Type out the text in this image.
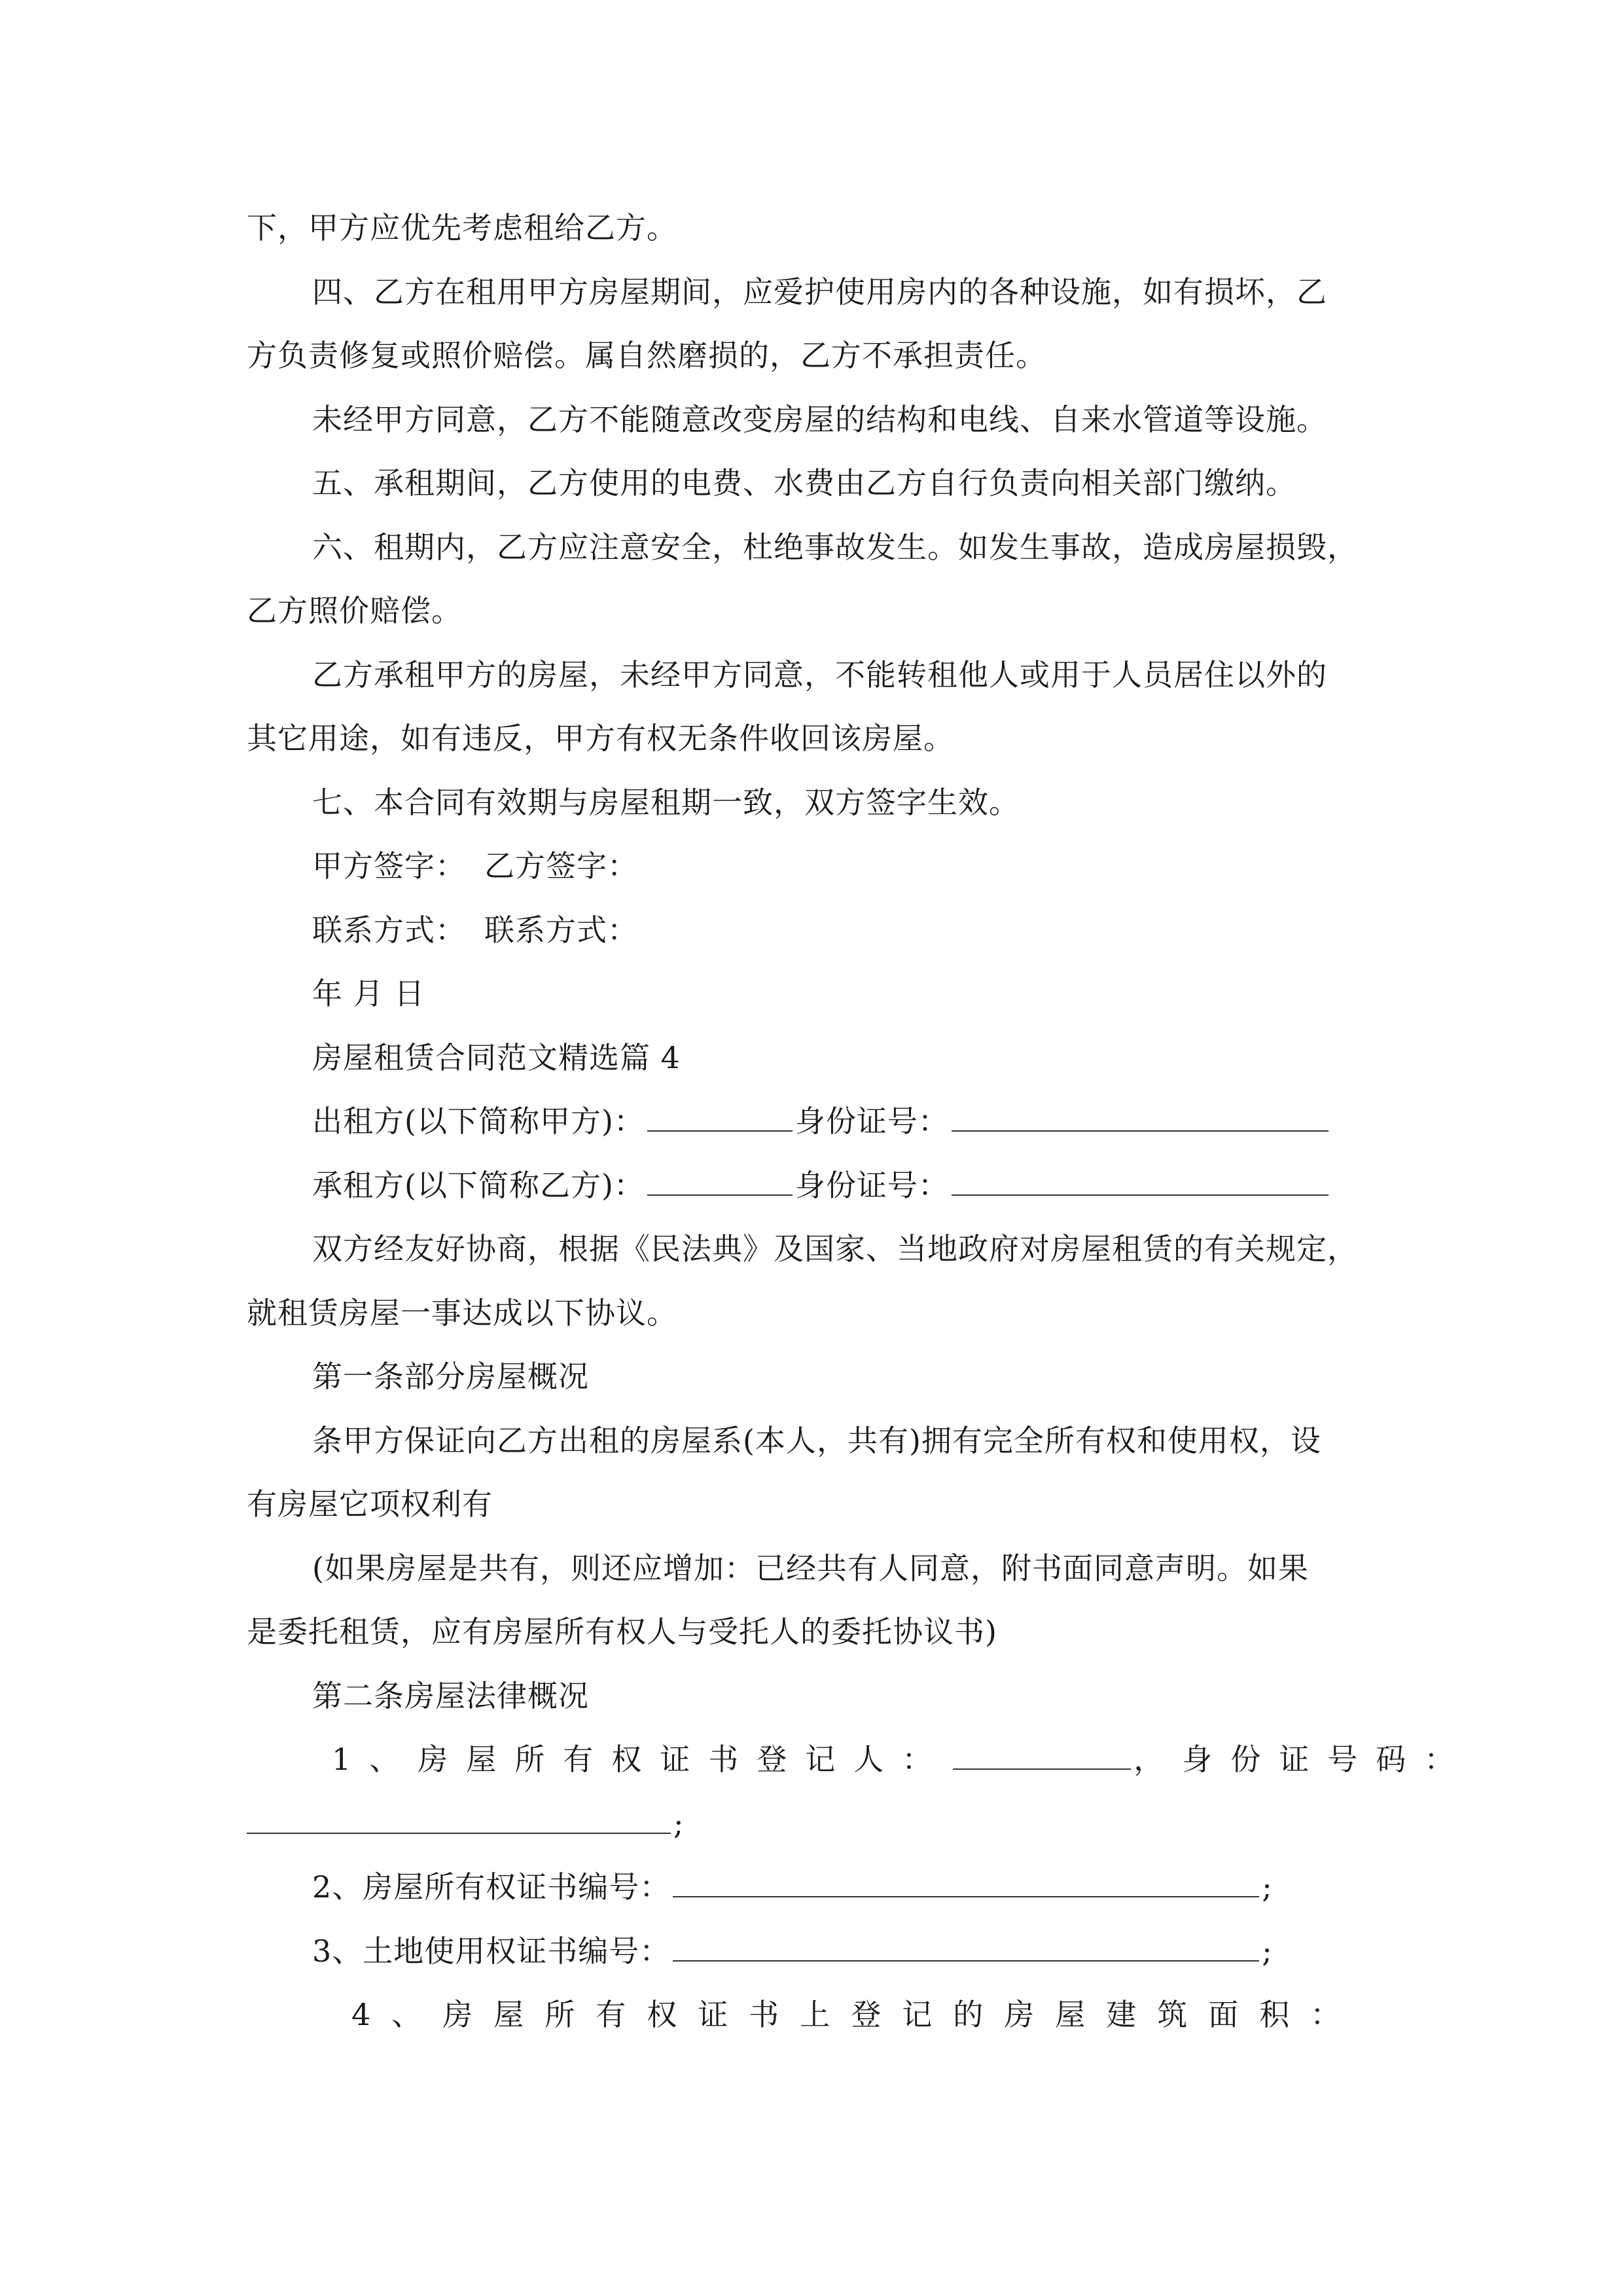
下，甲方应优先考虑租给乙方。
四、乙方在租用甲方房屋期间，应爱护使用房内的各种设施，如有损坏，乙
方负责修复或照价赔偿。属自然磨损的，乙方不承担责任。
未经甲方同意，乙方不能随意改变房屋的结构和电线、自来水管道等设施。
五、承租期间，乙方使用的电费、水费由乙方自行负责向相关部门缴纳。
六、租期内，乙方应注意安全，杜绝事故发生。如发生事故，造成房屋损毁，
乙方照价赔偿。
乙方承租甲方的房屋，未经甲方同意，不能转租他人或用于人员居住以外的
其它用途，如有违反，甲方有权无条件收回该房屋。
七、本合同有效期与房屋租期一致，双方签字生效。
甲方签字： 乙方签字：
联系方式： 联系方式：
年 月 日
房屋租赁合同范文精选篇 4
出租方(以下简称甲方)：	身份证号：
承租方(以下简称乙方)：	身份证号：
双方经友好协商，根据《民法典》及国家、当地政府对房屋租赁的有关规定，
就租赁房屋一事达成以下协议。
第一条部分房屋概况
条甲方保证向乙方出租的房屋系(本人，共有)拥有完全所有权和使用权，设
有房屋它项权利有
(如果房屋是共有，则还应增加：已经共有人同意，附书面同意声明。如果
是委托租赁，应有房屋所有权人与受托人的委托协议书)
第二条房屋法律概况
1、房屋所有权证书登记人：	，身份证号码：
;
2、房屋所有权证书编号：	;
3、土地使用权证书编号：	;
4、房屋所有权证书上登记的房屋建筑面积：
